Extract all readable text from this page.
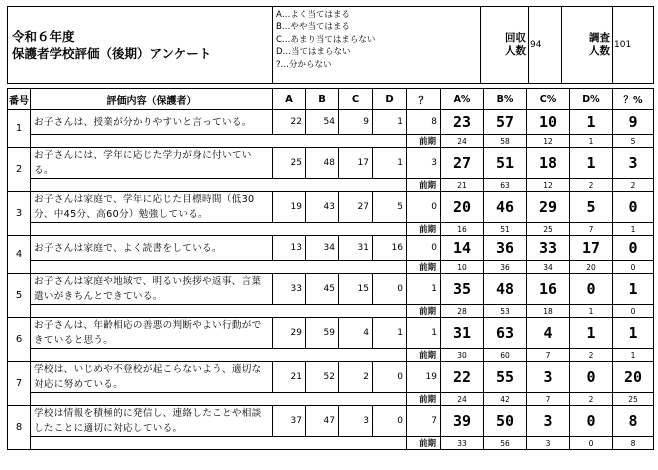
令和６年度
保護者学校評価（後期）アンケート

A…よく当てはまる
B…やや当てはまる
C…あまり当てはまらない
D…当てはまらない
?…分からない

回収
人数	94	
調査
人数	101
番号	評価内容（保護者）	A	B	C	D	？	A%	B%	C%	D%	？%
1	お子さんは、授業が分かりやすいと言っている。	22	54	9	1	8	23	57	10	1	9
						前期	24	58	12	1	5
2	お子さんには、学年に応じた学力が身に付いている。	25	48	17	1	3	27	51	18	1	3
						前期	21	63	12	2	2
3	お子さんは家庭で、学年に応じた目標時間（低30分、中45分、高60分）勉強している。	19	43	27	5	0	20	46	29	5	0
						前期	16	51	25	7	1
4	お子さんは家庭で、よく読書をしている。	13	34	31	16	0	14	36	33	17	0
						前期	10	36	34	20	0
5	お子さんは家庭や地域で、明るい挨拶や返事、言葉遣いがきちんとできている。	33	45	15	0	1	35	48	16	0	1
						前期	28	53	18	1	0
6	お子さんは、年齢相応の善悪の判断やよい行動ができていると思う。	29	59	4	1	1	31	63	4	1	1
						前期	30	60	7	2	1
7	学校は、いじめや不登校が起こらないよう、適切な対応に努めている。	21	52	2	0	19	22	55	3	0	20
						前期	24	42	7	2	25
8	学校は情報を積極的に発信し、連絡したことや相談したことに適切に対応している。	37	47	3	0	7	39	50	3	0	8
						前期	33	56	3	0	8
